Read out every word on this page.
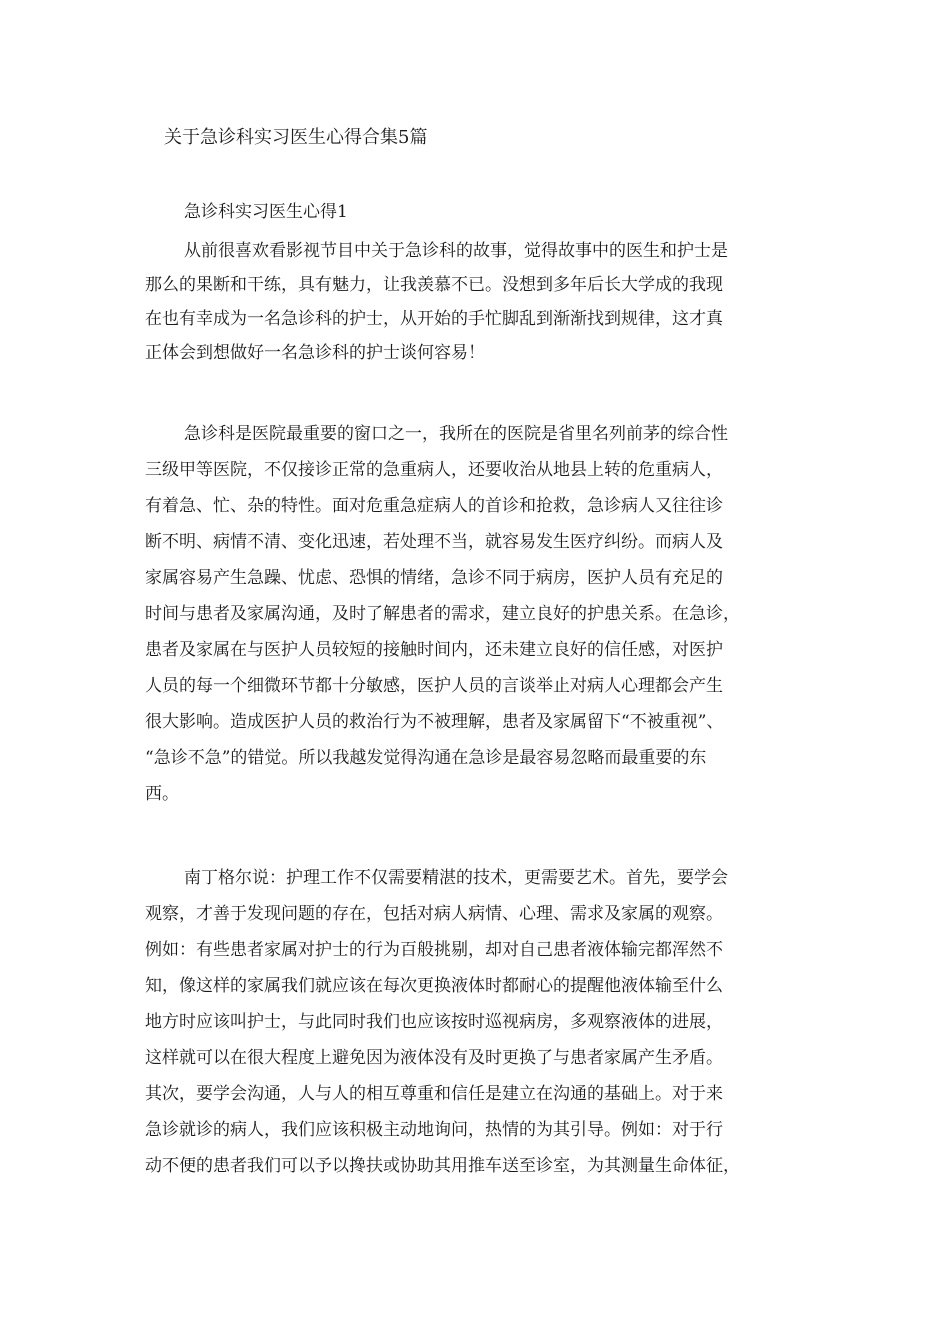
关于急诊科实习医生心得合集5篇
急诊科实习医生心得1
从前很喜欢看影视节目中关于急诊科的故事，觉得故事中的医生和护士是
那么的果断和干练，具有魅力，让我羡慕不已。没想到多年后长大学成的我现
在也有幸成为一名急诊科的护士，从开始的手忙脚乱到渐渐找到规律，这才真
正体会到想做好一名急诊科的护士谈何容易！
急诊科是医院最重要的窗口之一，我所在的医院是省里名列前茅的综合性
三级甲等医院，不仅接诊正常的急重病人，还要收治从地县上转的危重病人，
有着急、忙、杂的特性。面对危重急症病人的首诊和抢救，急诊病人又往往诊
断不明、病情不清、变化迅速，若处理不当，就容易发生医疗纠纷。而病人及
家属容易产生急躁、忧虑、恐惧的情绪，急诊不同于病房，医护人员有充足的
时间与患者及家属沟通，及时了解患者的需求，建立良好的护患关系。在急诊，
患者及家属在与医护人员较短的接触时间内，还未建立良好的信任感，对医护
人员的每一个细微环节都十分敏感，医护人员的言谈举止对病人心理都会产生
很大影响。造成医护人员的救治行为不被理解，患者及家属留下“不被重视”、
“急诊不急”的错觉。所以我越发觉得沟通在急诊是最容易忽略而最重要的东
西。
南丁格尔说：护理工作不仅需要精湛的技术，更需要艺术。首先，要学会
观察，才善于发现问题的存在，包括对病人病情、心理、需求及家属的观察。
例如：有些患者家属对护士的行为百般挑剔，却对自己患者液体输完都浑然不
知，像这样的家属我们就应该在每次更换液体时都耐心的提醒他液体输至什么
地方时应该叫护士，与此同时我们也应该按时巡视病房，多观察液体的进展，
这样就可以在很大程度上避免因为液体没有及时更换了与患者家属产生矛盾。
其次，要学会沟通，人与人的相互尊重和信任是建立在沟通的基础上。对于来
急诊就诊的病人，我们应该积极主动地询问，热情的为其引导。例如：对于行
动不便的患者我们可以予以搀扶或协助其用推车送至诊室，为其测量生命体征，
